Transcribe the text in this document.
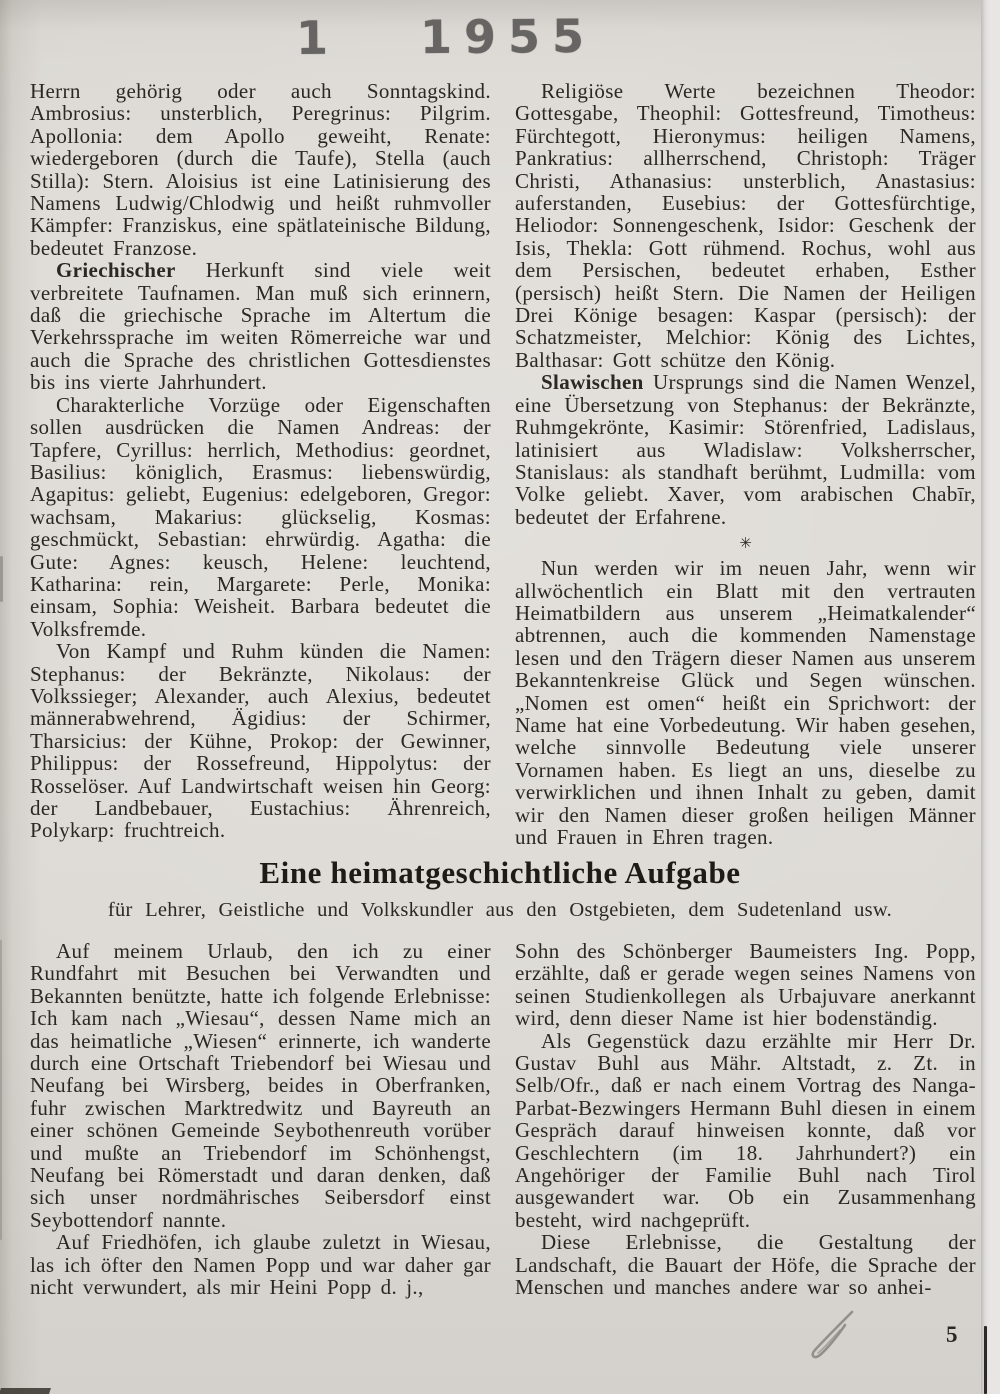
1 1955

Herrn gehörig oder auch Sonntagskind. Ambrosius: unsterblich, Peregrinus: Pilgrim. Apollonia: dem Apollo geweiht, Renate: wiedergeboren (durch die Taufe), Stella (auch Stilla): Stern. Aloisius ist eine Latinisierung des Namens Ludwig/Chlodwig und heißt ruhmvoller Kämpfer: Franziskus, eine spätlateinische Bildung, bedeutet Franzose.

Griechischer Herkunft sind viele weit verbreitete Taufnamen. Man muß sich erinnern, daß die griechische Sprache im Altertum die Verkehrssprache im weiten Römerreiche war und auch die Sprache des christlichen Gottesdienstes bis ins vierte Jahrhundert.

Charakterliche Vorzüge oder Eigenschaften sollen ausdrücken die Namen Andreas: der Tapfere, Cyrillus: herrlich, Methodius: geordnet, Basilius: königlich, Erasmus: liebenswürdig, Agapitus: geliebt, Eugenius: edelgeboren, Gregor: wachsam, Makarius: glückselig, Kosmas: geschmückt, Sebastian: ehrwürdig. Agatha: die Gute: Agnes: keusch, Helene: leuchtend, Katharina: rein, Margarete: Perle, Monika: einsam, Sophia: Weisheit. Barbara bedeutet die Volksfremde.

Von Kampf und Ruhm künden die Namen: Stephanus: der Bekränzte, Nikolaus: der Volkssieger; Alexander, auch Alexius, bedeutet männerabwehrend, Ägidius: der Schirmer, Tharsicius: der Kühne, Prokop: der Gewinner, Philippus: der Rossefreund, Hippolytus: der Rosselöser. Auf Landwirtschaft weisen hin Georg: der Landbebauer, Eustachius: Ährenreich, Polykarp: fruchtreich.

Religiöse Werte bezeichnen Theodor: Gottesgabe, Theophil: Gottesfreund, Timotheus: Fürchtegott, Hieronymus: heiligen Namens, Pankratius: allherrschend, Christoph: Träger Christi, Athanasius: unsterblich, Anastasius: auferstanden, Eusebius: der Gottesfürchtige, Heliodor: Sonnengeschenk, Isidor: Geschenk der Isis, Thekla: Gott rühmend. Rochus, wohl aus dem Persischen, bedeutet erhaben, Esther (persisch) heißt Stern. Die Namen der Heiligen Drei Könige besagen: Kaspar (persisch): der Schatzmeister, Melchior: König des Lichtes, Balthasar: Gott schütze den König.

Slawischen Ursprungs sind die Namen Wenzel, eine Übersetzung von Stephanus: der Bekränzte, Ruhmgekrönte, Kasimir: Störenfried, Ladislaus, latinisiert aus Wladislaw: Volksherrscher, Stanislaus: als standhaft berühmt, Ludmilla: vom Volke geliebt. Xaver, vom arabischen Chabīr, bedeutet der Erfahrene.

✳

Nun werden wir im neuen Jahr, wenn wir allwöchentlich ein Blatt mit den vertrauten Heimatbildern aus unserem „Heimatkalender“ abtrennen, auch die kommenden Namenstage lesen und den Trägern dieser Namen aus unserem Bekanntenkreise Glück und Segen wünschen. „Nomen est omen“ heißt ein Sprichwort: der Name hat eine Vorbedeutung. Wir haben gesehen, welche sinnvolle Bedeutung viele unserer Vornamen haben. Es liegt an uns, dieselbe zu verwirklichen und ihnen Inhalt zu geben, damit wir den Namen dieser großen heiligen Männer und Frauen in Ehren tragen.

Eine heimatgeschichtliche Aufgabe

für Lehrer, Geistliche und Volkskundler aus den Ostgebieten, dem Sudetenland usw.

Auf meinem Urlaub, den ich zu einer Rundfahrt mit Besuchen bei Verwandten und Bekannten benützte, hatte ich folgende Erlebnisse: Ich kam nach „Wiesau“, dessen Name mich an das heimatliche „Wiesen“ erinnerte, ich wanderte durch eine Ortschaft Triebendorf bei Wiesau und Neufang bei Wirsberg, beides in Oberfranken, fuhr zwischen Marktredwitz und Bayreuth an einer schönen Gemeinde Seybothenreuth vorüber und mußte an Triebendorf im Schönhengst, Neufang bei Römerstadt und daran denken, daß sich unser nordmährisches Seibersdorf einst Seybottendorf nannte.

Auf Friedhöfen, ich glaube zuletzt in Wiesau, las ich öfter den Namen Popp und war daher gar nicht verwundert, als mir Heini Popp d. j.,

Sohn des Schönberger Baumeisters Ing. Popp, erzählte, daß er gerade wegen seines Namens von seinen Studienkollegen als Urbajuvare anerkannt wird, denn dieser Name ist hier bodenständig.

Als Gegenstück dazu erzählte mir Herr Dr. Gustav Buhl aus Mähr. Altstadt, z. Zt. in Selb/Ofr., daß er nach einem Vortrag des Nanga-Parbat-Bezwingers Hermann Buhl diesen in einem Gespräch darauf hinweisen konnte, daß vor Geschlechtern (im 18. Jahrhundert?) ein Angehöriger der Familie Buhl nach Tirol ausgewandert war. Ob ein Zusammenhang besteht, wird nachgeprüft.

Diese Erlebnisse, die Gestaltung der Landschaft, die Bauart der Höfe, die Sprache der Menschen und manches andere war so anhei-

5
